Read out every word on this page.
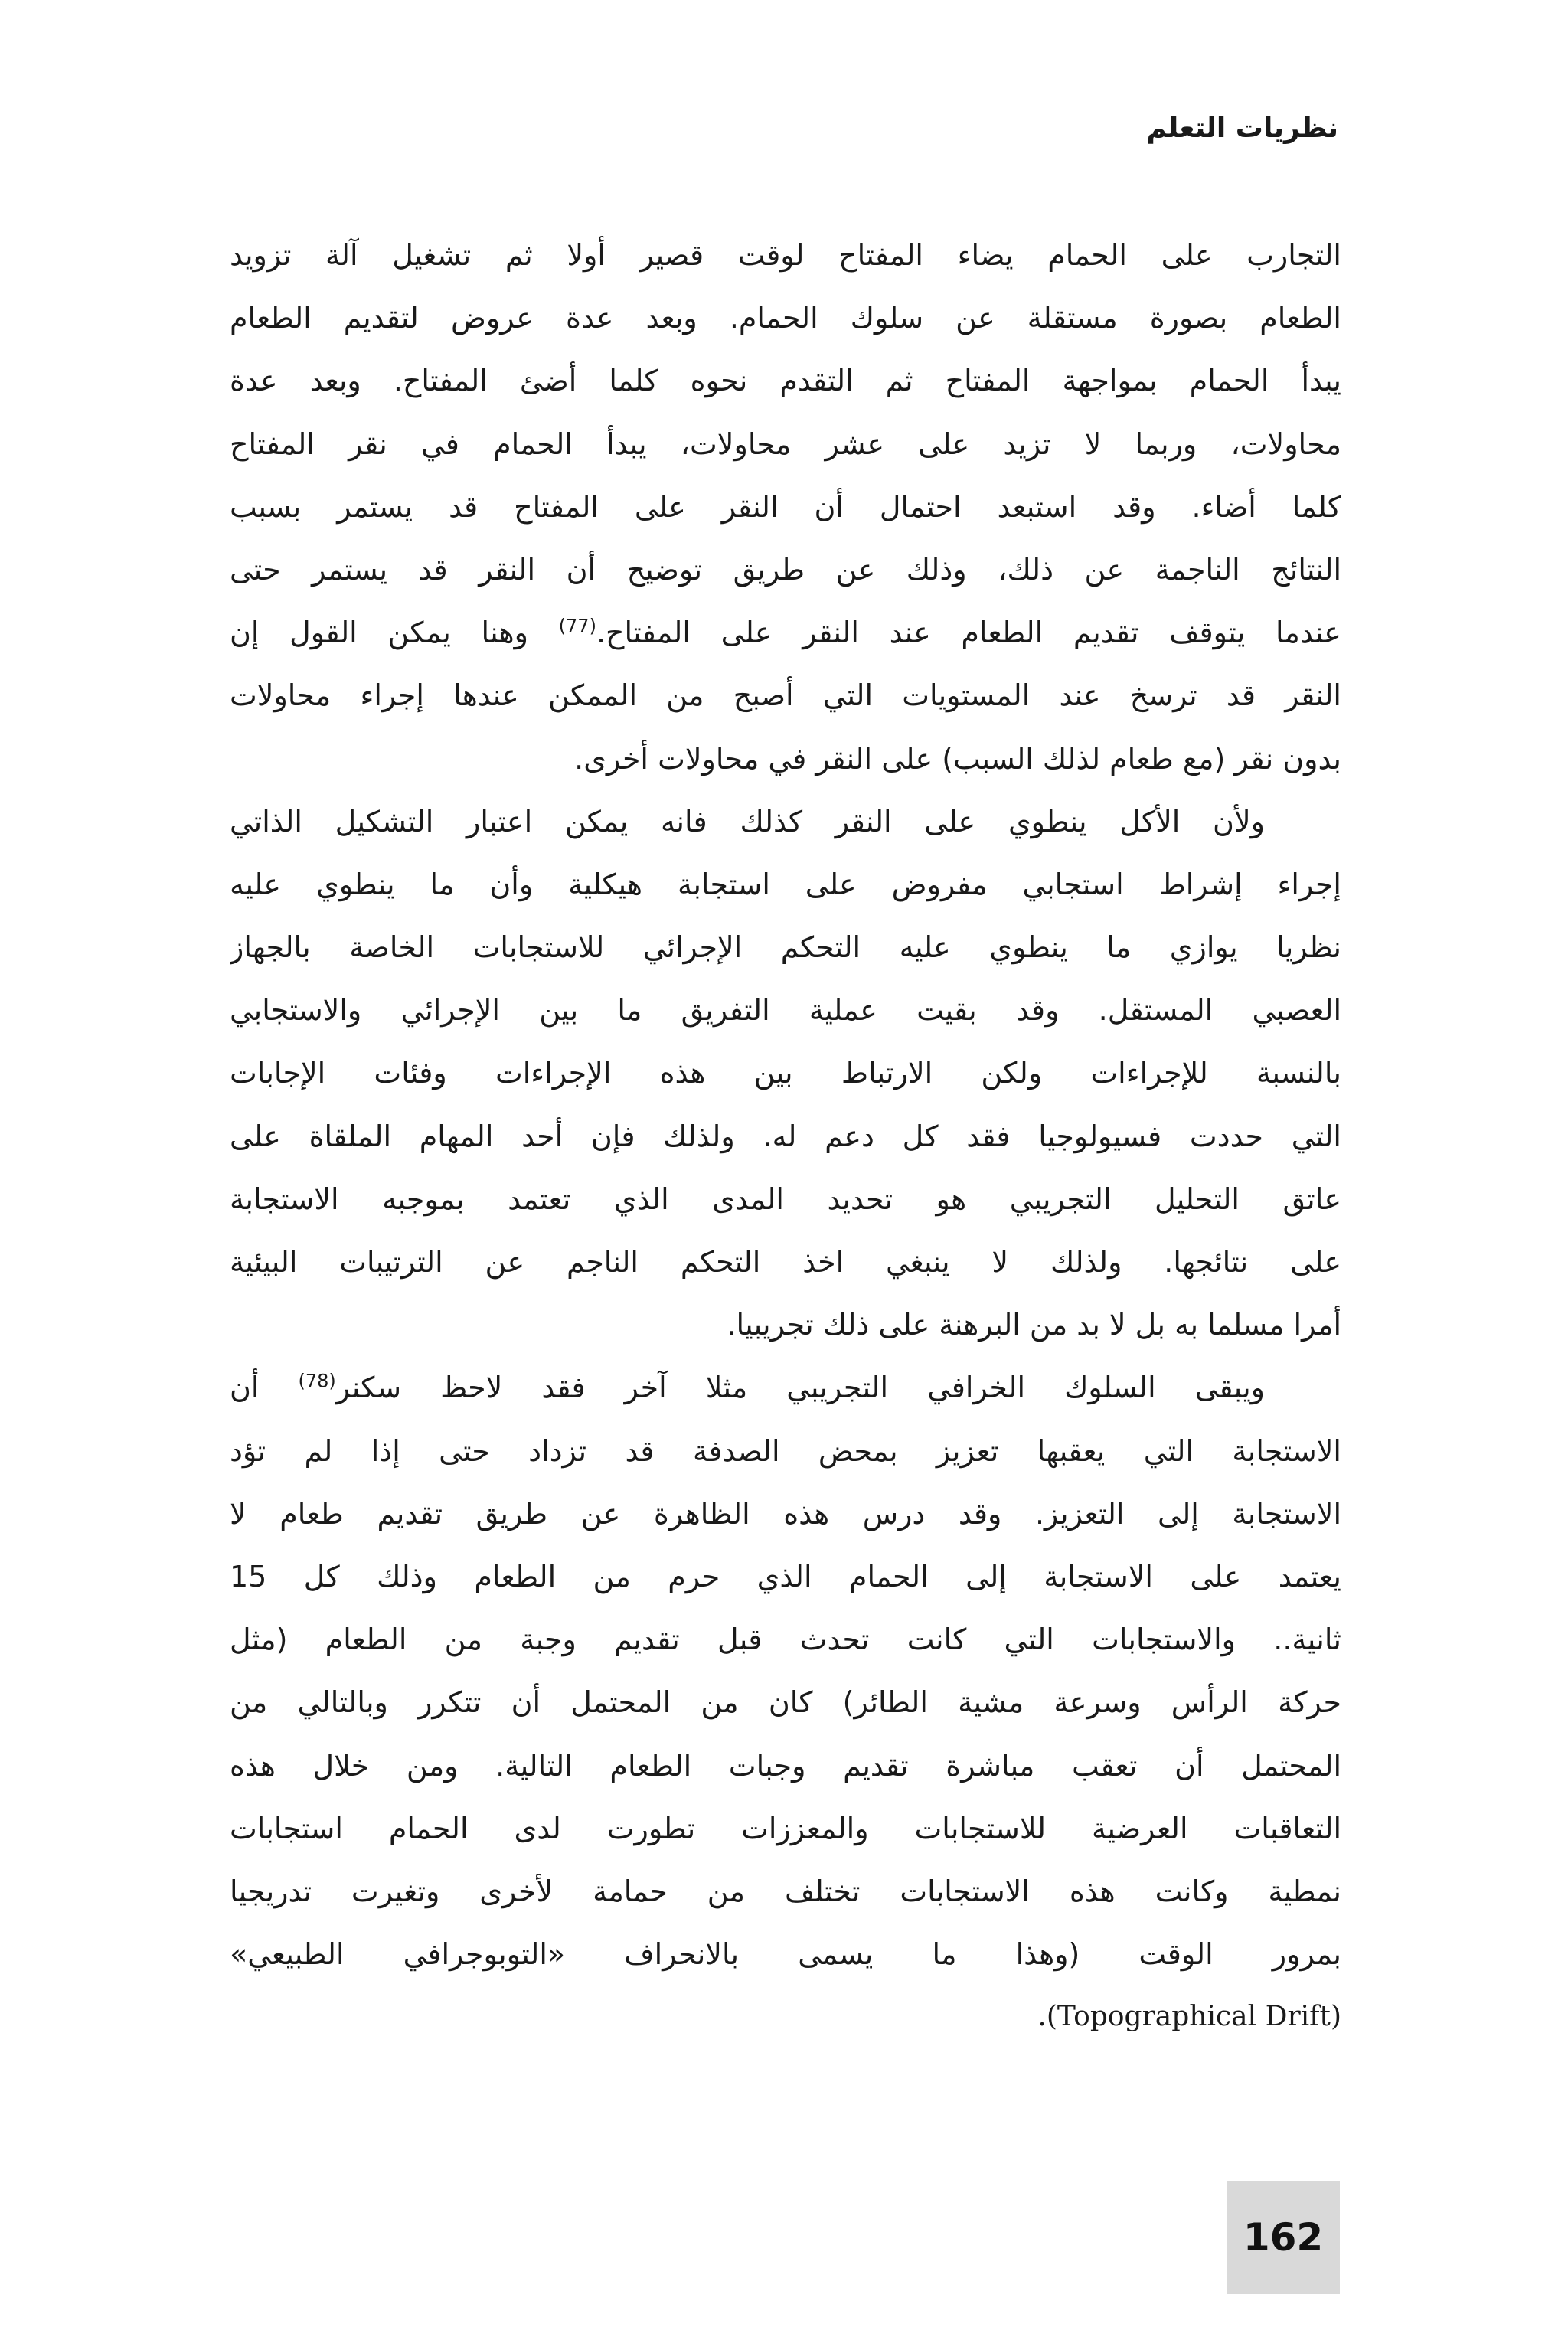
نظريات التعلم
التجارب على الحمام يضاء المفتاح لوقت قصير أولا ثم تشغيل آلة تزويد
الطعام بصورة مستقلة عن سلوك الحمام. وبعد عدة عروض لتقديم الطعام
يبدأ الحمام بمواجهة المفتاح ثم التقدم نحوه كلما أضئ المفتاح. وبعد عدة
محاولات، وربما لا تزيد على عشر محاولات، يبدأ الحمام في نقر المفتاح
كلما أضاء. وقد استبعد احتمال أن النقر على المفتاح قد يستمر بسبب
النتائج الناجمة عن ذلك، وذلك عن طريق توضيح أن النقر قد يستمر حتى
عندما يتوقف تقديم الطعام عند النقر على المفتاح.$^{(77)}$ وهنا يمكن القول إن
النقر قد ترسخ عند المستويات التي أصبح من الممكن عندها إجراء محاولات
بدون نقر (مع طعام لذلك السبب) على النقر في محاولات أخرى.
ولأن الأكل ينطوي على النقر كذلك فانه يمكن اعتبار التشكيل الذاتي
إجراء إشراط استجابي مفروض على استجابة هيكلية وأن ما ينطوي عليه
نظريا يوازي ما ينطوي عليه التحكم الإجرائي للاستجابات الخاصة بالجهاز
العصبي المستقل. وقد بقيت عملية التفريق ما بين الإجرائي والاستجابي
بالنسبة للإجراءات ولكن الارتباط بين هذه الإجراءات وفئات الإجابات
التي حددت فسيولوجيا فقد كل دعم له. ولذلك فإن أحد المهام الملقاة على
عاتق التحليل التجريبي هو تحديد المدى الذي تعتمد بموجبه الاستجابة
على نتائجها. ولذلك لا ينبغي اخذ التحكم الناجم عن الترتيبات البيئية
أمرا مسلما به بل لا بد من البرهنة على ذلك تجريبيا.
ويبقى السلوك الخرافي التجريبي مثلا آخر فقد لاحظ سكنر$^{(78)}$ أن
الاستجابة التي يعقبها تعزيز بمحض الصدفة قد تزداد حتى إذا لم تؤد
الاستجابة إلى التعزيز. وقد درس هذه الظاهرة عن طريق تقديم طعام لا
يعتمد على الاستجابة إلى الحمام الذي حرم من الطعام وذلك كل 15
ثانية.. والاستجابات التي كانت تحدث قبل تقديم وجبة من الطعام (مثل
حركة الرأس وسرعة مشية الطائر) كان من المحتمل أن تتكرر وبالتالي من
المحتمل أن تعقب مباشرة تقديم وجبات الطعام التالية. ومن خلال هذه
التعاقبات العرضية للاستجابات والمعززات تطورت لدى الحمام استجابات
نمطية وكانت هذه الاستجابات تختلف من حمامة لأخرى وتغيرت تدريجيا
بمرور الوقت (وهذا ما يسمى بالانحراف «التوبوجرافي الطبيعي»
(Topographical Drift).
162
